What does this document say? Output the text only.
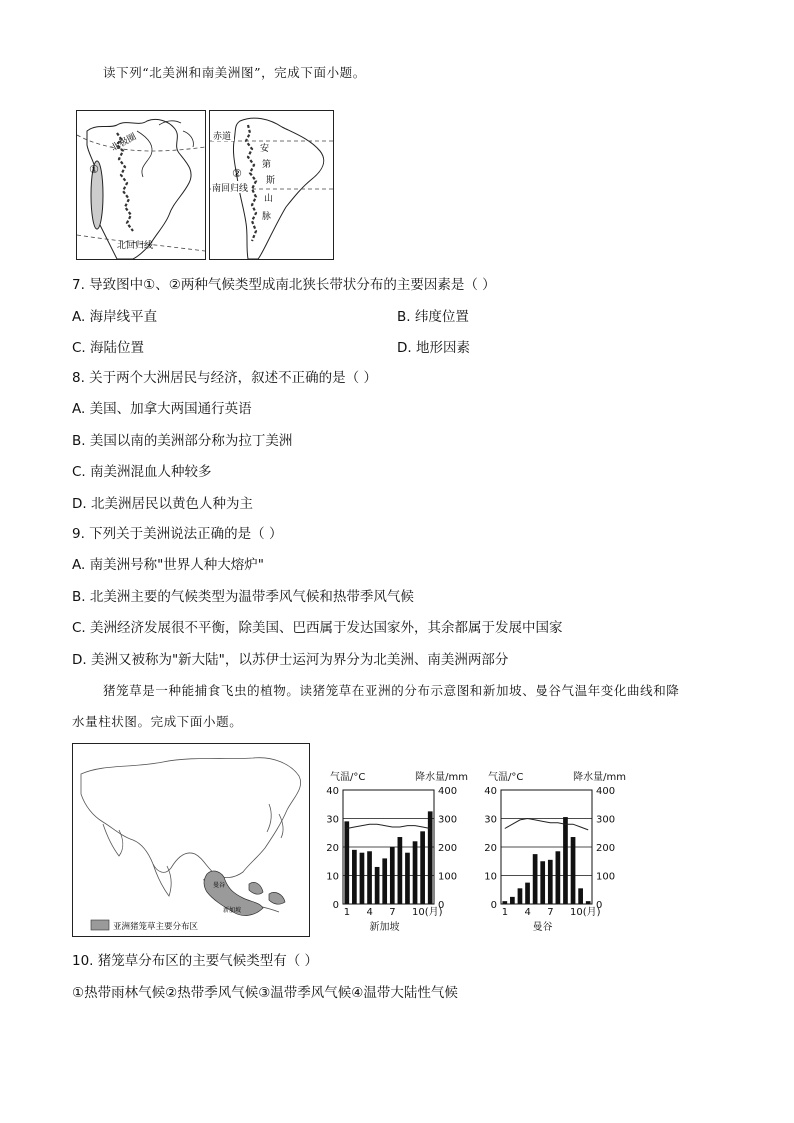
读下列“北美洲和南美洲图”，完成下面小题。
①
北极圈
北回归线
赤道
南回归线
②
安
第
斯
山
脉
7. 导致图中①、②两种气候类型成南北狭长带状分布的主要因素是（ ）
A. 海岸线平直	B. 纬度位置
C. 海陆位置	D. 地形因素
8. 关于两个大洲居民与经济，叙述不正确的是（ ）
A. 美国、加拿大两国通行英语
B. 美国以南的美洲部分称为拉丁美洲
C. 南美洲混血人种较多
D. 北美洲居民以黄色人种为主
9. 下列关于美洲说法正确的是（ ）
A. 南美洲号称"世界人种大熔炉"
B. 北美洲主要的气候类型为温带季风气候和热带季风气候
C. 美洲经济发展很不平衡，除美国、巴西属于发达国家外，其余都属于发展中国家
D. 美洲又被称为"新大陆"，以苏伊士运河为界分为北美洲、南美洲两部分
猪笼草是一种能捕食飞虫的植物。读猪笼草在亚洲的分布示意图和新加坡、曼谷气温年变化曲线和降
水量柱状图。完成下面小题。
曼谷
新加坡
亚洲猪笼草主要分布区
气温/°C	降水量/mm
0	0
10	100
20	200
30	300
40	400
1 4 7 10(月)
新加坡
气温/°C	降水量/mm
0	0
10	100
20	200
30	300
40	400
1 4 7 10(月)
曼谷
10. 猪笼草分布区的主要气候类型有（ ）
①热带雨林气候②热带季风气候③温带季风气候④温带大陆性气候
